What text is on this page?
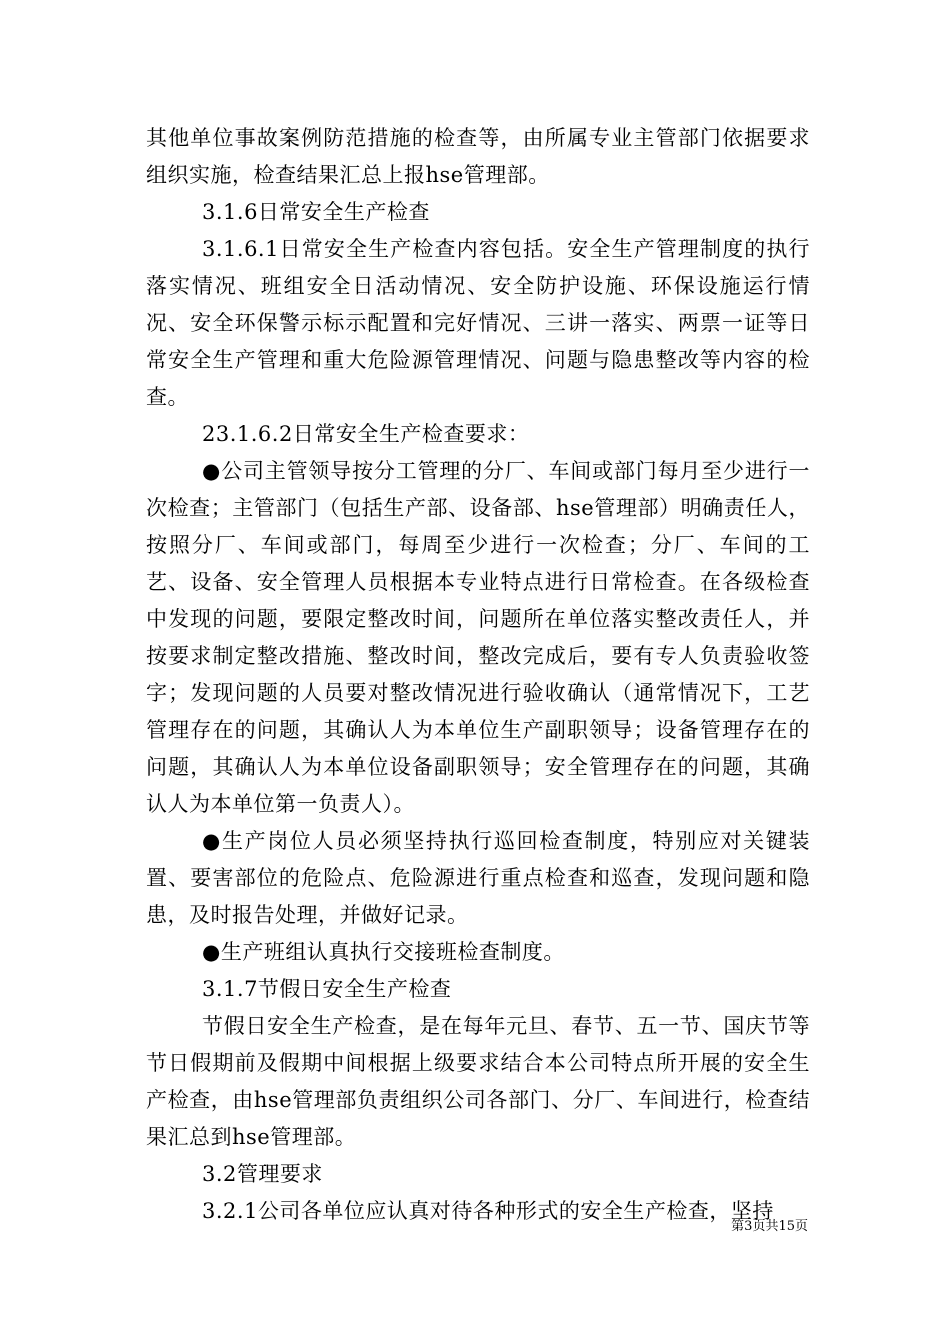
其他单位事故案例防范措施的检查等，由所属专业主管部门依据要求组织实施，检查结果汇总上报hse管理部。

3.1.6日常安全生产检查

3.1.6.1日常安全生产检查内容包括。安全生产管理制度的执行落实情况、班组安全日活动情况、安全防护设施、环保设施运行情况、安全环保警示标示配置和完好情况、三讲一落实、两票一证等日常安全生产管理和重大危险源管理情况、问题与隐患整改等内容的检查。

23.1.6.2日常安全生产检查要求：

●公司主管领导按分工管理的分厂、车间或部门每月至少进行一次检查；主管部门（包括生产部、设备部、hse管理部）明确责任人，按照分厂、车间或部门，每周至少进行一次检查；分厂、车间的工艺、设备、安全管理人员根据本专业特点进行日常检查。在各级检查中发现的问题，要限定整改时间，问题所在单位落实整改责任人，并按要求制定整改措施、整改时间，整改完成后，要有专人负责验收签字；发现问题的人员要对整改情况进行验收确认（通常情况下，工艺管理存在的问题，其确认人为本单位生产副职领导；设备管理存在的问题，其确认人为本单位设备副职领导；安全管理存在的问题，其确认人为本单位第一负责人）。

●生产岗位人员必须坚持执行巡回检查制度，特别应对关键装置、要害部位的危险点、危险源进行重点检查和巡查，发现问题和隐患，及时报告处理，并做好记录。

●生产班组认真执行交接班检查制度。

3.1.7节假日安全生产检查

节假日安全生产检查，是在每年元旦、春节、五一节、国庆节等节日假期前及假期中间根据上级要求结合本公司特点所开展的安全生产检查，由hse管理部负责组织公司各部门、分厂、车间进行，检查结果汇总到hse管理部。

3.2管理要求

3.2.1公司各单位应认真对待各种形式的安全生产检查，坚持

第3页共15页
